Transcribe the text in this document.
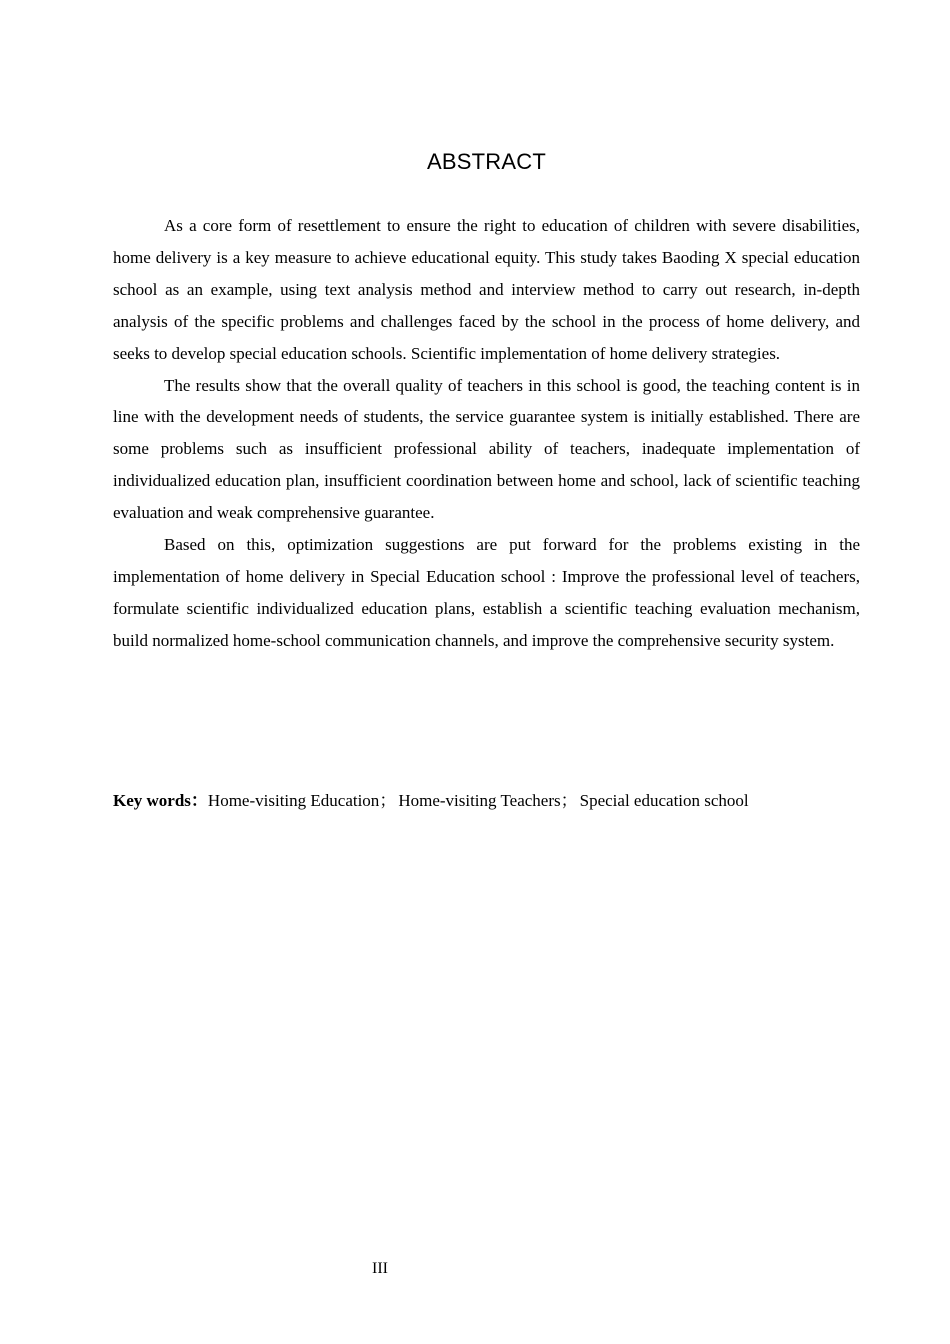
ABSTRACT

As a core form of resettlement to ensure the right to education of children with severe disabilities, home delivery is a key measure to achieve educational equity. This study takes Baoding X special education school as an example, using text analysis method and interview method to carry out research, in-depth analysis of the specific problems and challenges faced by the school in the process of home delivery, and seeks to develop special education schools. Scientific implementation of home delivery strategies.

The results show that the overall quality of teachers in this school is good, the teaching content is in line with the development needs of students, the service guarantee system is initially established. There are some problems such as insufficient professional ability of teachers, inadequate implementation of individualized education plan, insufficient coordination between home and school, lack of scientific teaching evaluation and weak comprehensive guarantee.

Based on this, optimization suggestions are put forward for the problems existing in the implementation of home delivery in Special Education school : Improve the professional level of teachers, formulate scientific individualized education plans, establish a scientific teaching evaluation mechanism, build normalized home-school communication channels, and improve the comprehensive security system.

Key words：Home-visiting Education； Home-visiting Teachers； Special education school
III
